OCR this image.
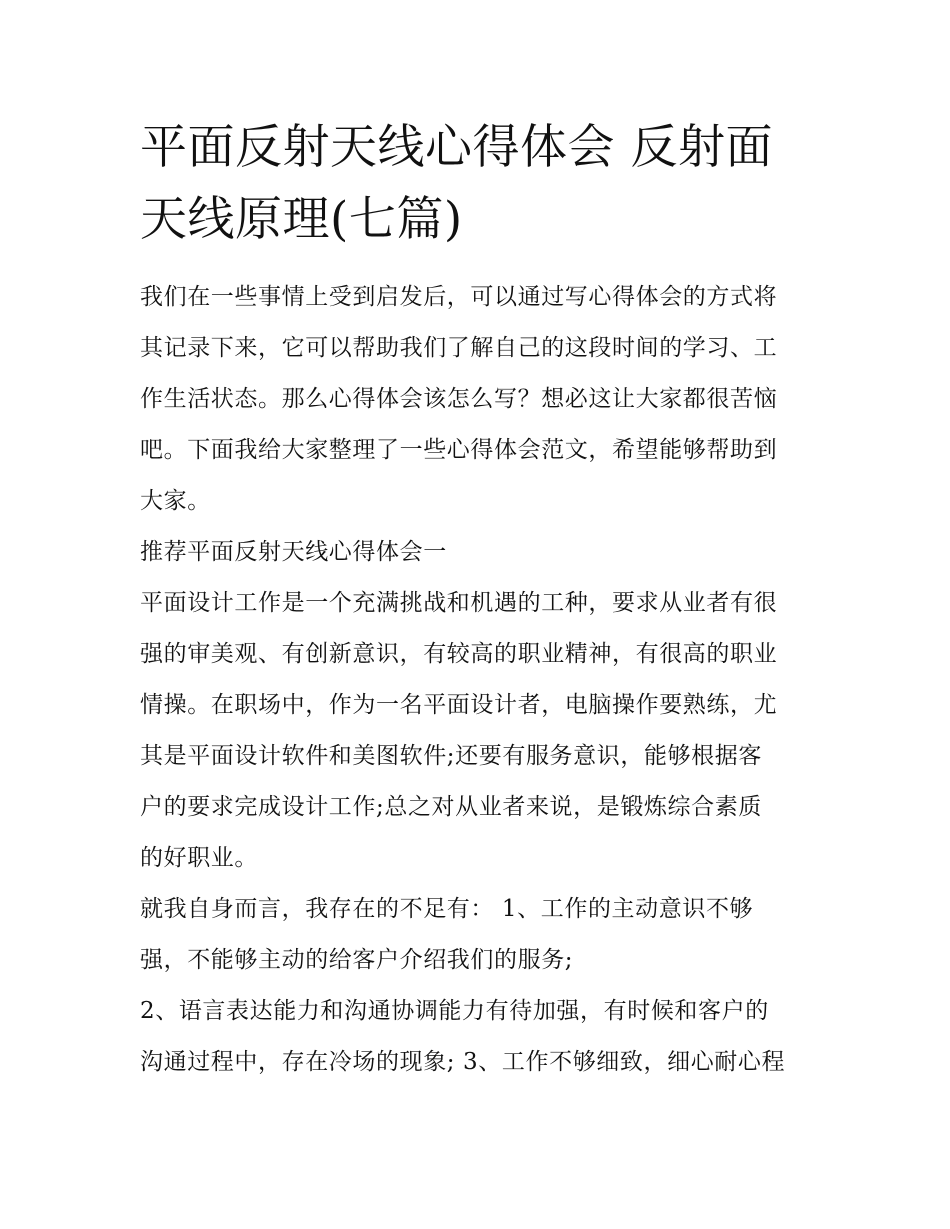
平面反射天线心得体会 反射面
天线原理(七篇)

我们在一些事情上受到启发后，可以通过写心得体会的方式将
其记录下来，它可以帮助我们了解自己的这段时间的学习、工
作生活状态。那么心得体会该怎么写？想必这让大家都很苦恼
吧。下面我给大家整理了一些心得体会范文，希望能够帮助到
大家。

推荐平面反射天线心得体会一

平面设计工作是一个充满挑战和机遇的工种，要求从业者有很
强的审美观、有创新意识，有较高的职业精神，有很高的职业
情操。在职场中，作为一名平面设计者，电脑操作要熟练，尤
其是平面设计软件和美图软件;还要有服务意识，能够根据客
户的要求完成设计工作;总之对从业者来说，是锻炼综合素质
的好职业。

就我自身而言，我存在的不足有： 1、工作的主动意识不够
强，不能够主动的给客户介绍我们的服务;

2、语言表达能力和沟通协调能力有待加强，有时候和客户的
沟通过程中，存在冷场的现象; 3、工作不够细致，细心耐心程
